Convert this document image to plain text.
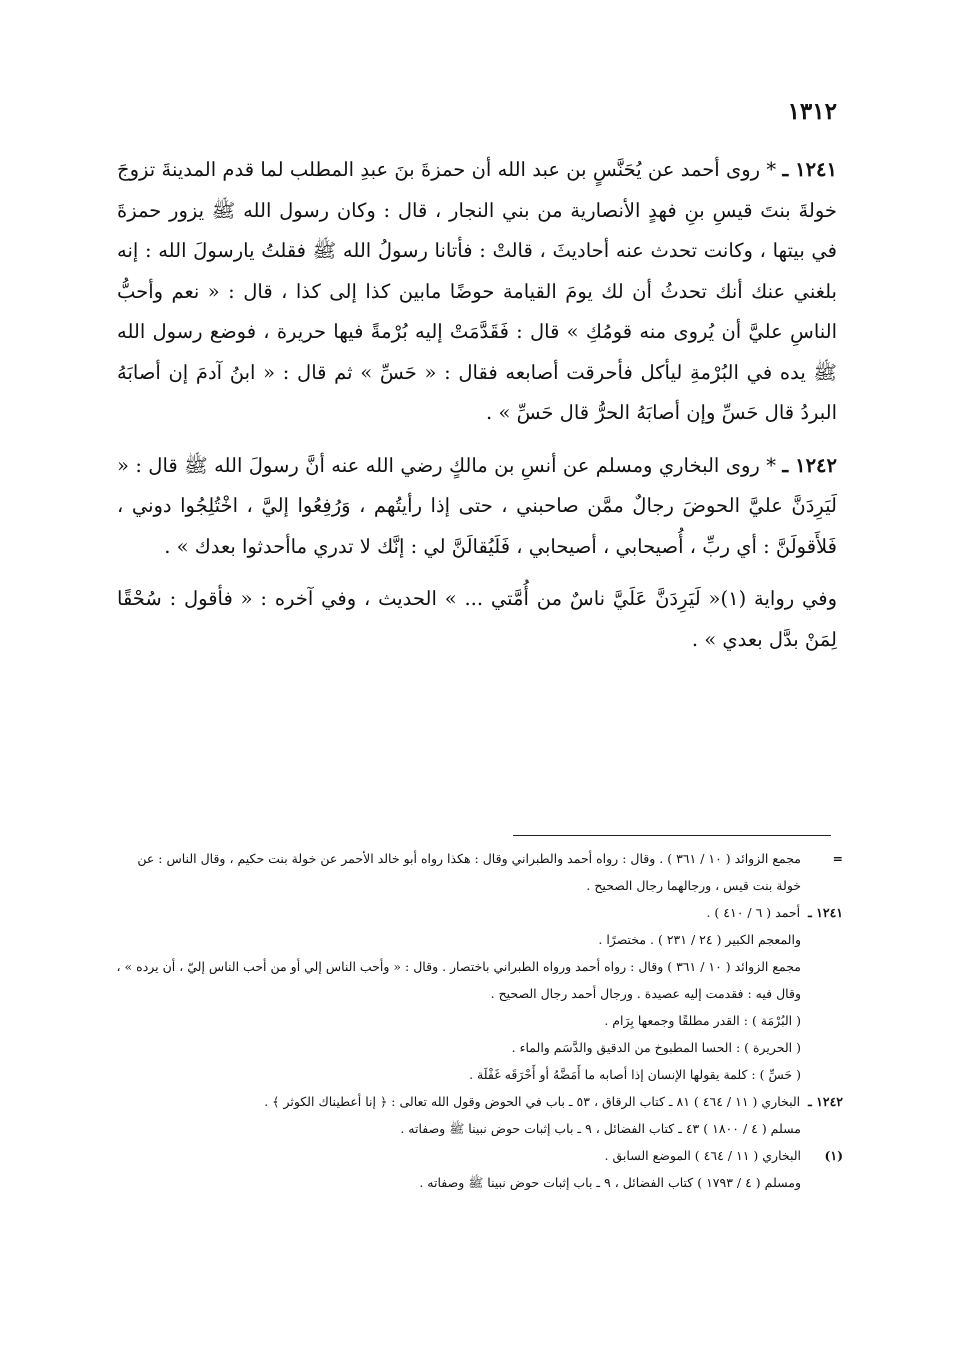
١٣١٢

١٢٤١ ـ * روى أحمد عن يُحَنَّسٍ بن عبد الله أن حمزةَ بنَ عبدِ المطلب لما قدم المدينةَ تزوجَ خولةَ بنتَ قيسِ بنِ فهدٍ الأنصارية من بني النجار ، قال : وكان رسول الله ﷺ يزور حمزةَ في بيتها ، وكانت تحدث عنه أحاديثَ ، قالتْ : فأتانا رسولُ الله ﷺ فقلتُ يارسولَ الله : إنه بلغني عنك أنك تحدثُ أن لك يومَ القيامة حوضًا مابين كذا إلى كذا ، قال : « نعم وأحبُّ الناسِ عليَّ أن يُروى منه قومُكِ » قال : فَقَدَّمَتْ إليه بُرْمةً فيها حريرة ، فوضع رسول الله ﷺ يده في البُرْمةِ ليأكل فأحرقت أصابعه فقال : « حَسِّ » ثم قال : « ابنُ آدمَ إن أصابَهُ البردُ قال حَسِّ وإن أصابَهُ الحرُّ قال حَسِّ » .

١٢٤٢ ـ * روى البخاري ومسلم عن أنسِ بن مالكٍ رضي الله عنه أنَّ رسولَ الله ﷺ قال : « لَيَرِدَنَّ عليَّ الحوضَ رجالٌ ممَّن صاحبني ، حتى إذا رأيتُهم ، وَرُفِعُوا إليَّ ، اخْتُلِجُوا دوني ، فَلأَقولَنَّ : أي ربِّ ، أُصيحابي ، أصيحابي ، فَلَيُقالَنَّ لي : إنَّك لا تدري ماأحدثوا بعدك » .

وفي رواية (١)« لَيَرِدَنَّ عَلَيَّ ناسٌ من أُمَّتي ... » الحديث ، وفي آخره : « فأقول : سُحْقًا لِمَنْ بدَّل بعدي » .

=
مجمع الزوائد ( ١٠ / ٣٦١ ) . وقال : رواه أحمد والطبراني وقال : هكذا رواه أبو خالد الأحمر عن خولة بنت حكيم ، وقال الناس : عن خولة بنت قيس ، ورجالهما رجال الصحيح .
١٢٤١ ـ
أحمد ( ٦ / ٤١٠ ) .
والمعجم الكبير ( ٢٤ / ٢٣١ ) . مختصرًا .
مجمع الزوائد ( ١٠ / ٣٦١ ) وقال : رواه أحمد ورواه الطبراني باختصار . وقال : « وأحب الناس إلي أو من أحب الناس إليّ ، أن يرده » ، وقال فيه : فقدمت إليه عصيدة . ورجال أحمد رجال الصحيح .
( البُرْمَة ) : القدر مطلقًا وجمعها بِرَام .
( الحريرة ) : الحسا المطبوخ من الدقيق والدَّسَم والماء .
( حَسِّ ) : كلمة يقولها الإنسان إذا أصابه ما أَمَضَّهُ أو أَحْرَقَه غَفْلَة .
١٢٤٢ ـ
البخاري ( ١١ / ٤٦٤ ) ٨١ ـ كتاب الرقاق ، ٥٣ ـ باب في الحوض وقول الله تعالى : ﴿ إنا أعطيناك الكوثر ﴾ .
مسلم ( ٤ / ١٨٠٠ ) ٤٣ ـ كتاب الفضائل ، ٩ ـ باب إثبات حوض نبينا ﷺ وصفاته .
(١)
البخاري ( ١١ / ٤٦٤ ) الموضع السابق .
ومسلم ( ٤ / ١٧٩٣ ) كتاب الفضائل ، ٩ ـ باب إثبات حوض نبينا ﷺ وصفاته .
